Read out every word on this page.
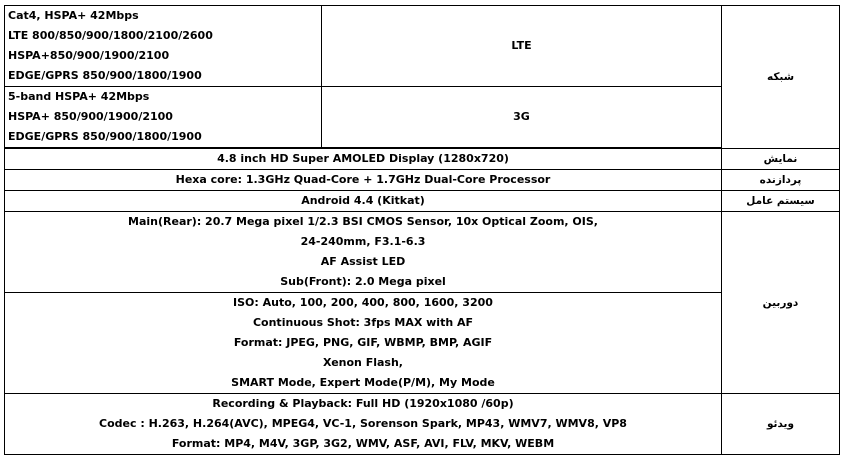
Cat4, HSPA+ 42Mbps
LTE 800/850/900/1800/2100/2600
HSPA+850/900/1900/2100
EDGE/GPRS 850/900/1800/1900	LTE	شبکه

5-band HSPA+ 42Mbps
HSPA+ 850/900/1900/2100
EDGE/GPRS 850/900/1800/1900	3G	
4.8 inch HD Super AMOLED Display (1280x720)		نمایش
Hexa core: 1.3GHz Quad-Core + 1.7GHz Dual-Core Processor		پردازنده
Android 4.4 (Kitkat)		سیستم عامل

Main(Rear): 20.7 Mega pixel 1/2.3 BSI CMOS Sensor, 10x Optical Zoom, OIS,
24-240mm, F3.1-6.3
AF Assist LED
Sub(Front): 2.0 Mega pixel		دوربین

ISO: Auto, 100, 200, 400, 800, 1600, 3200
Continuous Shot: 3fps MAX with AF
Format: JPEG, PNG, GIF, WBMP, BMP, AGIF
Xenon Flash,
SMART Mode, Expert Mode(P/M), My Mode		

Recording & Playback: Full HD (1920x1080 /60p)
Codec : H.263, H.264(AVC), MPEG4, VC-1, Sorenson Spark, MP43, WMV7, WMV8, VP8
Format: MP4, M4V, 3GP, 3G2, WMV, ASF, AVI, FLV, MKV, WEBM		ویدئو
